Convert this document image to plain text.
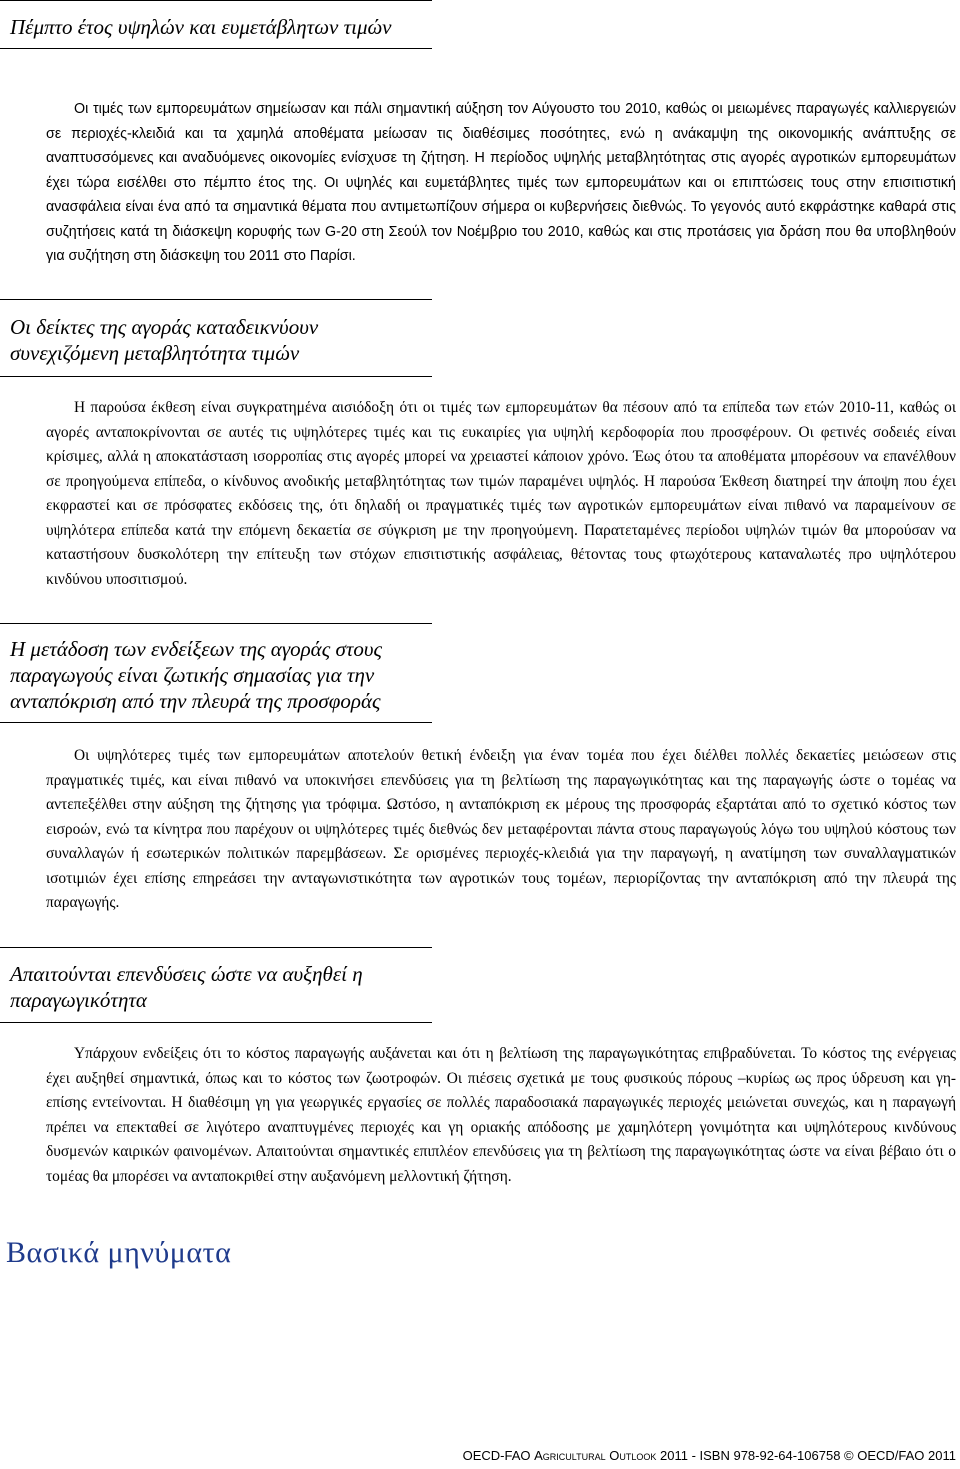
Πέμπτο έτος υψηλών και ευμετάβλητων τιμών

Οι τιμές των εμπορευμάτων σημείωσαν και πάλι σημαντική αύξηση τον Αύγουστο του 2010, καθώς οι μειωμένες παραγωγές καλλιεργειών σε περιοχές-κλειδιά και τα χαμηλά αποθέματα μείωσαν τις διαθέσιμες ποσότητες, ενώ η ανάκαμψη της οικονομικής ανάπτυξης σε αναπτυσσόμενες και αναδυόμενες οικονομίες ενίσχυσε τη ζήτηση. Η περίοδος υψηλής μεταβλητότητας στις αγορές αγροτικών εμπορευμάτων έχει τώρα εισέλθει στο πέμπτο έτος της. Οι υψηλές και ευμετάβλητες τιμές των εμπορευμάτων και οι επιπτώσεις τους στην επισιτιστική ανασφάλεια είναι ένα από τα σημαντικά θέματα που αντιμετωπίζουν σήμερα οι κυβερνήσεις διεθνώς. Το γεγονός αυτό εκφράστηκε καθαρά στις συζητήσεις κατά τη διάσκεψη κορυφής των G-20 στη Σεούλ τον Νοέμβριο του 2010, καθώς και στις προτάσεις για δράση που θα υποβληθούν για συζήτηση στη διάσκεψη του 2011 στο Παρίσι.

Οι δείκτες της αγοράς καταδεικνύουν συνεχιζόμενη μεταβλητότητα τιμών

Η παρούσα έκθεση είναι συγκρατημένα αισιόδοξη ότι οι τιμές των εμπορευμάτων θα πέσουν από τα επίπεδα των ετών 2010-11, καθώς οι αγορές ανταποκρίνονται σε αυτές τις υψηλότερες τιμές και τις ευκαιρίες για υψηλή κερδοφορία που προσφέρουν. Οι φετινές σοδειές είναι κρίσιμες, αλλά η αποκατάσταση ισορροπίας στις αγορές μπορεί να χρειαστεί κάποιον χρόνο. Έως ότου τα αποθέματα μπορέσουν να επανέλθουν σε προηγούμενα επίπεδα, ο κίνδυνος ανοδικής μεταβλητότητας των τιμών παραμένει υψηλός. Η παρούσα Έκθεση διατηρεί την άποψη που έχει εκφραστεί και σε πρόσφατες εκδόσεις της, ότι δηλαδή οι πραγματικές τιμές των αγροτικών εμπορευμάτων είναι πιθανό να παραμείνουν σε υψηλότερα επίπεδα κατά την επόμενη δεκαετία σε σύγκριση με την προηγούμενη. Παρατεταμένες περίοδοι υψηλών τιμών θα μπορούσαν να καταστήσουν δυσκολότερη την επίτευξη των στόχων επισιτιστικής ασφάλειας, θέτοντας τους φτωχότερους καταναλωτές προ υψηλότερου κινδύνου υποσιτισμού.

Η μετάδοση των ενδείξεων της αγοράς στους παραγωγούς είναι ζωτικής σημασίας για την ανταπόκριση από την πλευρά της προσφοράς

Οι υψηλότερες τιμές των εμπορευμάτων αποτελούν θετική ένδειξη για έναν τομέα που έχει διέλθει πολλές δεκαετίες μειώσεων στις πραγματικές τιμές, και είναι πιθανό να υποκινήσει επενδύσεις για τη βελτίωση της παραγωγικότητας και της παραγωγής ώστε ο τομέας να αντεπεξέλθει στην αύξηση της ζήτησης για τρόφιμα. Ωστόσο, η ανταπόκριση εκ μέρους της προσφοράς εξαρτάται από το σχετικό κόστος των εισροών, ενώ τα κίνητρα που παρέχουν οι υψηλότερες τιμές διεθνώς δεν μεταφέρονται πάντα στους παραγωγούς λόγω του υψηλού κόστους των συναλλαγών ή εσωτερικών πολιτικών παρεμβάσεων. Σε ορισμένες περιοχές-κλειδιά για την παραγωγή, η ανατίμηση των συναλλαγματικών ισοτιμιών έχει επίσης επηρεάσει την ανταγωνιστικότητα των αγροτικών τους τομέων, περιορίζοντας την ανταπόκριση από την πλευρά της παραγωγής.

Απαιτούνται επενδύσεις ώστε να αυξηθεί η παραγωγικότητα

Υπάρχουν ενδείξεις ότι το κόστος παραγωγής αυξάνεται και ότι η βελτίωση της παραγωγικότητας επιβραδύνεται. Το κόστος της ενέργειας έχει αυξηθεί σημαντικά, όπως και το κόστος των ζωοτροφών. Οι πιέσεις σχετικά με τους φυσικούς πόρους –κυρίως ως προς ύδρευση και γη- επίσης εντείνονται. Η διαθέσιμη γη για γεωργικές εργασίες σε πολλές παραδοσιακά παραγωγικές περιοχές μειώνεται συνεχώς, και η παραγωγή πρέπει να επεκταθεί σε λιγότερο αναπτυγμένες περιοχές και γη οριακής απόδοσης με χαμηλότερη γονιμότητα και υψηλότερους κινδύνους δυσμενών καιρικών φαινομένων. Απαιτούνται σημαντικές επιπλέον επενδύσεις για τη βελτίωση της παραγωγικότητας ώστε να είναι βέβαιο ότι ο τομέας θα μπορέσει να ανταποκριθεί στην αυξανόμενη μελλοντική ζήτηση.

Βασικά μηνύματα
OECD-FAO Agricultural Outlook 2011 - ISBN 978-92-64-106758 © OECD/FAO 2011
